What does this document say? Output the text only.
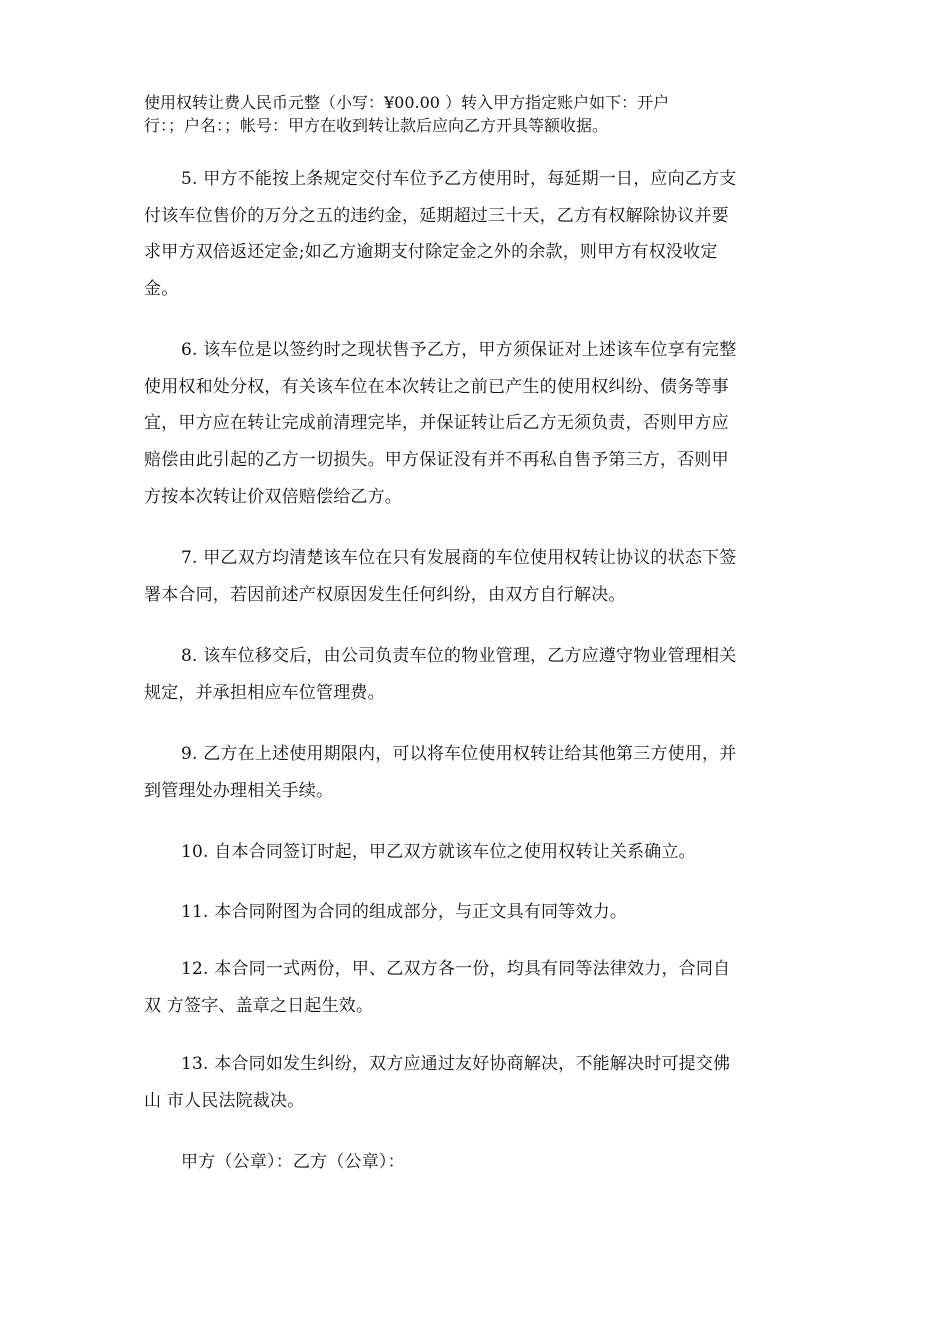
使用权转让费人民币元整（小写：¥00.00 ）转入甲方指定账户如下：开户
行：；户名：；帐号：甲方在收到转让款后应向乙方开具等额收据。
5. 甲方不能按上条规定交付车位予乙方使用时，每延期一日，应向乙方支
付该车位售价的万分之五的违约金，延期超过三十天，乙方有权解除协议并要
求甲方双倍返还定金;如乙方逾期支付除定金之外的余款，则甲方有权没收定
金。
6. 该车位是以签约时之现状售予乙方，甲方须保证对上述该车位享有完整
使用权和处分权，有关该车位在本次转让之前已产生的使用权纠纷、债务等事
宜，甲方应在转让完成前清理完毕，并保证转让后乙方无须负责，否则甲方应
赔偿由此引起的乙方一切损失。甲方保证没有并不再私自售予第三方，否则甲
方按本次转让价双倍赔偿给乙方。
7. 甲乙双方均清楚该车位在只有发展商的车位使用权转让协议的状态下签
署本合同，若因前述产权原因发生任何纠纷，由双方自行解决。
8. 该车位移交后，由公司负责车位的物业管理，乙方应遵守物业管理相关
规定，并承担相应车位管理费。
9. 乙方在上述使用期限内，可以将车位使用权转让给其他第三方使用，并
到管理处办理相关手续。
10. 自本合同签订时起，甲乙双方就该车位之使用权转让关系确立。
11. 本合同附图为合同的组成部分，与正文具有同等效力。
12. 本合同一式两份，甲、乙双方各一份，均具有同等法律效力，合同自
双 方签字、盖章之日起生效。
13. 本合同如发生纠纷，双方应通过友好协商解决，不能解决时可提交佛
山 市人民法院裁决。
甲方（公章）：乙方（公章）：
